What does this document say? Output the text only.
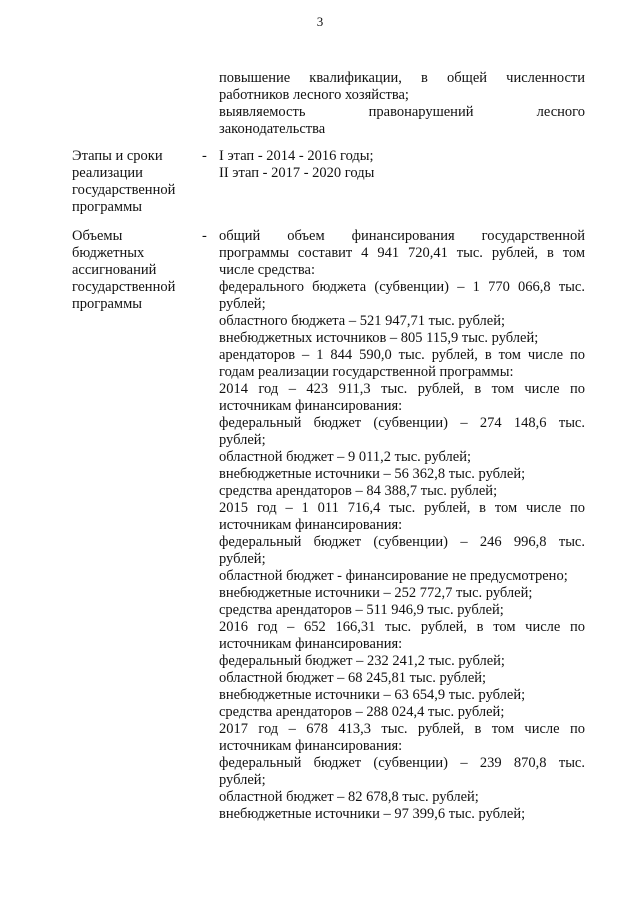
3
повышение квалификации, в общей численности
работников лесного хозяйства;
выявляемость правонарушений лесного
законодательства
Этапы и сроки
реализации
государственной
программы
- I этап - 2014 - 2016 годы;
II этап - 2017 - 2020 годы
Объемы
бюджетных
ассигнований
государственной
программы
- общий объем финансирования государственной
программы составит 4 941 720,41 тыс. рублей, в том
числе средства:
федерального бюджета (субвенции) – 1 770 066,8 тыс.
рублей;
областного бюджета – 521 947,71 тыс. рублей;
внебюджетных источников – 805 115,9 тыс. рублей;
арендаторов – 1 844 590,0 тыс. рублей, в том числе по
годам реализации государственной программы:
2014 год – 423 911,3 тыс. рублей, в том числе по
источникам финансирования:
федеральный бюджет (субвенции) – 274 148,6 тыс.
рублей;
областной бюджет – 9 011,2 тыс. рублей;
внебюджетные источники – 56 362,8 тыс. рублей;
средства арендаторов – 84 388,7 тыс. рублей;
2015 год – 1 011 716,4 тыс. рублей, в том числе по
источникам финансирования:
федеральный бюджет (субвенции) – 246 996,8 тыс.
рублей;
областной бюджет - финансирование не предусмотрено;
внебюджетные источники – 252 772,7 тыс. рублей;
средства арендаторов – 511 946,9 тыс. рублей;
2016 год – 652 166,31 тыс. рублей, в том числе по
источникам финансирования:
федеральный бюджет – 232 241,2 тыс. рублей;
областной бюджет – 68 245,81 тыс. рублей;
внебюджетные источники – 63 654,9 тыс. рублей;
средства арендаторов – 288 024,4 тыс. рублей;
2017 год – 678 413,3 тыс. рублей, в том числе по
источникам финансирования:
федеральный бюджет (субвенции) – 239 870,8 тыс.
рублей;
областной бюджет – 82 678,8 тыс. рублей;
внебюджетные источники – 97 399,6 тыс. рублей;
